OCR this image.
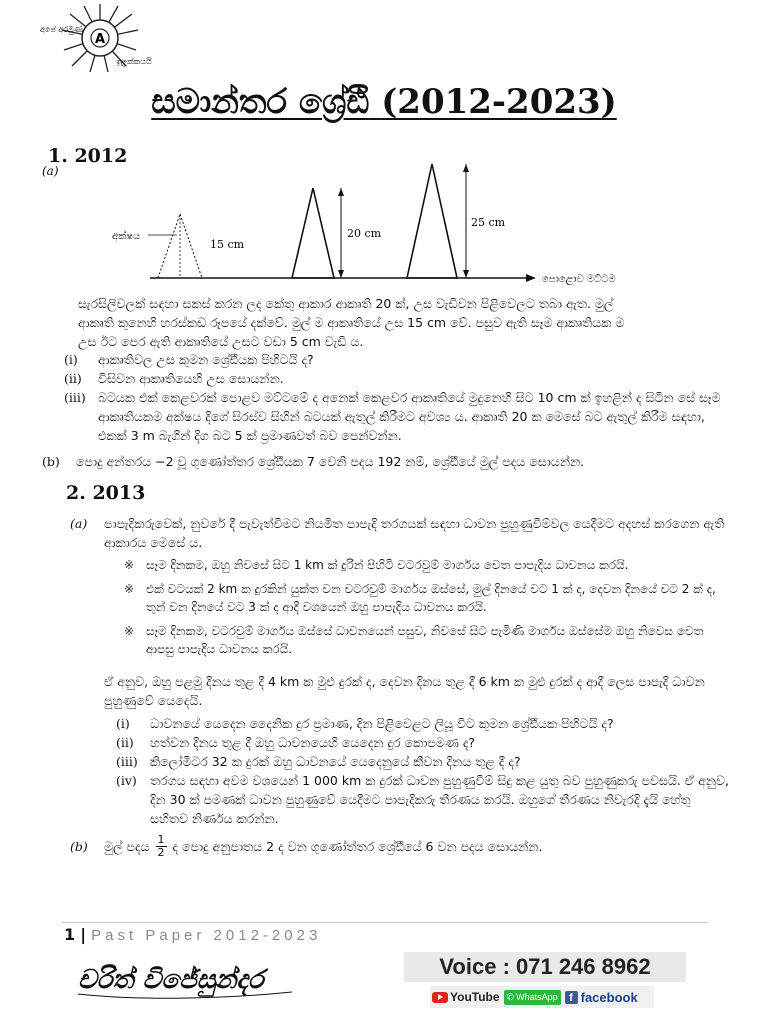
A
අපේ අරමුණ
ඉලක්කයයි
සමාන්තර ශ්‍රේඪි (2012-2023)
1. 2012
(a)
අක්ෂය
15 cm
20 cm
25 cm
පොළොව මට්ටම
සැරසිලිවලක් සඳහා සකස් කරන ලද කේතු ආකාර ආකෘති 20 ක්, උස වැඩිවන පිළිවෙලට තබා ඇත. මුල්
ආකෘති කුනෙහි හරස්කඩ රූපයේ දක්වේ. මුල් ම ආකෘතියේ උස 15 cm වේ. පසුව ඇති සෑම ආකෘතියක ම
උස ඊට පෙර ඇති ආකෘතියේ උසට වඩා 5 cm වැඩි ය.
(i)	ආකෘතිවල උස කුමන ශ්‍රේඪියක පිහිටයි ද?
(ii)	විසිවන ආකෘතියෙහි උස සොයන්න.
(iii) බටයක එක් කෙළවරක් පොළව මට්ටමේ ද අනෙක් කෙළවර ආකෘතියේ මුදුනෙහි සිට 10 cm ක් ඉහළින් ද සිටින සේ සෑම ආකෘතියකම අක්ෂය දිගේ සිරස්ව සිහින් බටයක් ඇතුල් කිරීමට අවශ්‍ය ය. ආකෘති 20 ක මෙසේ බට ඇතුල් කිරීම සඳහා, එකක් 3 m බැගින් දිග බට 5 ක් ප්‍රමාණවත් බව පෙන්වන්න.
(b)	පොදු අන්තරය −2 වූ ගුණෝත්තර ශ්‍රේඪියක 7 වෙනි පදය 192 නම්, ශ්‍රේඪියේ මුල් පදය සොයන්න.
2. 2013
(a)	පාපැදිකරුවෙක්, නුවරේ දී පැවැත්වීමට නියමිත පාපැදි තරගයක් සඳහා ධාවන පුහුණුවීම්වල යෙදීමට අදහස් කරගෙන ඇති ආකාරය මෙසේ ය.
※ සෑම දිනකම, ඔහු නිවසේ සිට 1 km ක් දුරින් පිහිටි වටරවුම් මාර්ගය වෙත පාපැදිය ධාවනය කරයි.
※ එක් වටයක් 2 km ක දුරකින් යුක්ත වන වටරවුම් මාර්ගය ඔස්සේ, මුල් දිනයේ වට 1 ක් ද, දෙවන දිනයේ වට 2 ක් ද, තුන් වන දිනයේ වට 3 ක් ද ආදී වශයෙන් ඔහු පාපැදිය ධාවනය කරයි.
※ සෑම දිනකම, වටරවුම් මාර්ගය ඔස්සේ ධාවනයෙන් පසුව, නිවසේ සිට පැමිණි මාර්ගය ඔස්සේම ඔහු නිවෙස වෙත ආපසු පාපැදිය ධාවනය කරයි.
ඒ අනුව, ඔහු පළමු දිනය තුළ දී 4 km ක මුළු දුරක් ද, දෙවන දිනය තුළ දී 6 km ක මුළු දුරක් ද ආදී ලෙස පාපැදි ධාවන පුහුණුවේ යෙදෙයි.
(i)	ධාවනයේ යෙදෙන දෛනික දුර ප්‍රමාණ, දින පිළිවෙළට ලියූ විට කුමන ශ්‍රේඪියක පිහිටයි ද?
(ii)	හත්වන දිනය තුළ දී ඔහු ධාවනයෙහි යෙදෙන දුර කොපමණ ද?
(iii) කිලෝමීටර 32 ක දුරක් ඔහු ධාවනයේ යෙදෙනුයේ කීවන දිනය තුළ දී ද?
(iv)	තරගය සඳහා අවම වශයෙන් 1 000 km ක දුරක් ධාවන පුහුණුවීම් සිදු කළ යුතු බව පුහුණුකරු පවසයි. ඒ අනුව, දින 30 ක් පමණක් ධාවන පුහුණුවේ යෙදීමට පාපැදිකරු තීරණය කරයි. ඔහුගේ තීරණය නිවැරදි දැයි හේතු සහිතව නිර්ණය කරන්න.
(b)	මුල් පදය $\frac{1}{2}$ ද පොදු අනුපාතය 2 ද වන ගුණෝත්තර ශ්‍රේඪියේ 6 වන පදය සොයන්න.
1 | Past Paper 2012-2023
චරිත් විජේසුන්දර	Voice : 071 246 8962
YouTube ✆ WhatsApp	f facebook
